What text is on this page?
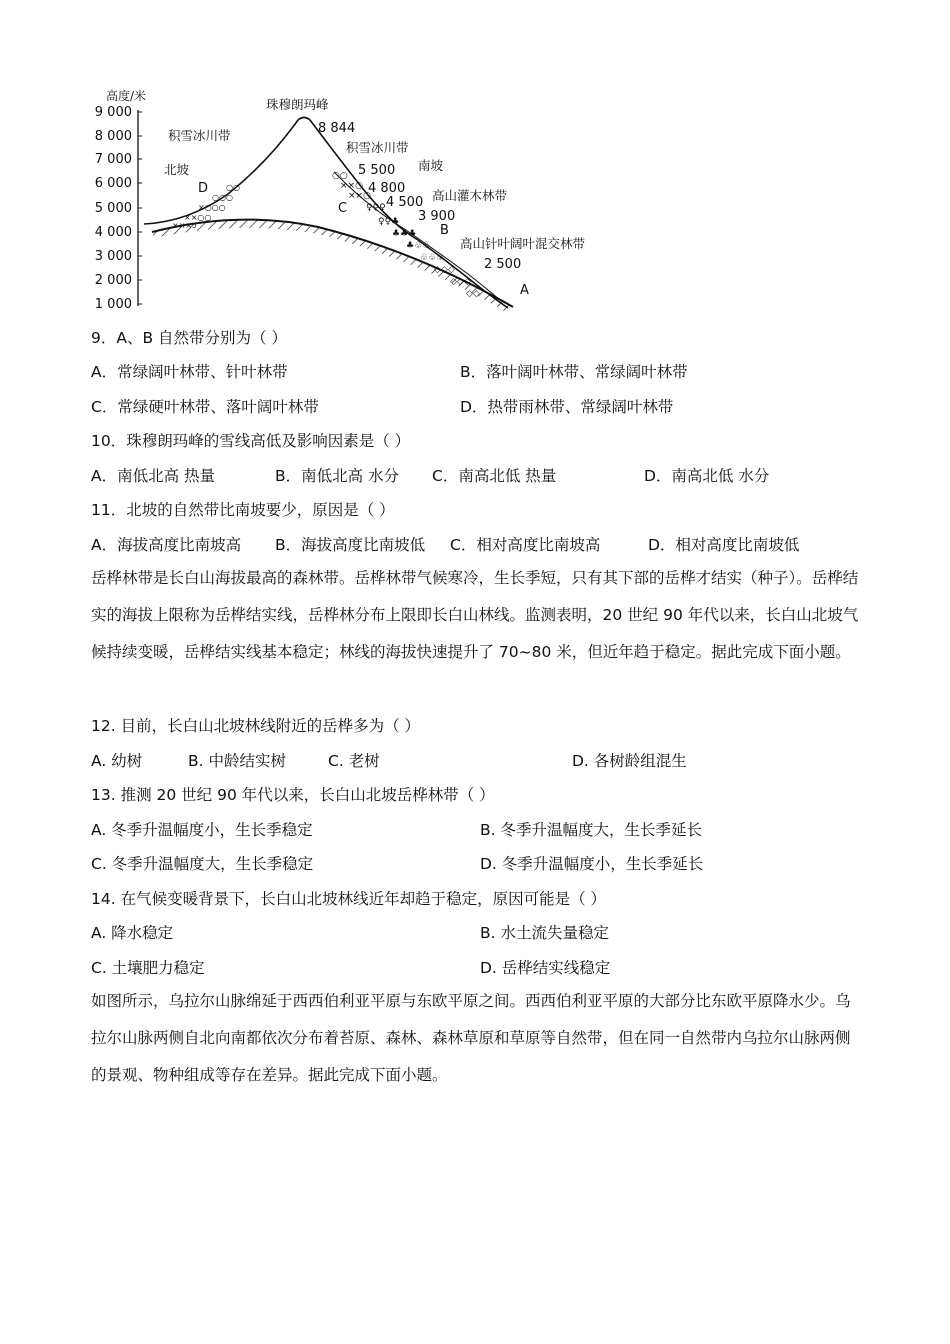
高度/米
9 000
8 000
7 000
6 000
5 000
4 000
3 000
2 000
1 000
×××ↄ
××○○
×○○○
○○○
○○
○○
××○
××○
♀♀♀
♀♀♣
♣♣♣
♣♧♧
♧♧♧
◇◇◇
◇◇◇
◇◇
珠穆朗玛峰
8 844
积雪冰川带
北坡
D
积雪冰川带
南坡
5 500
4 800
C	4 500 高山灌木林带
3 900
B
高山针叶阔叶混交林带
2 500
A
9．A、B 自然带分别为（ ）
A．常绿阔叶林带、针叶林带	B．落叶阔叶林带、常绿阔叶林带
C．常绿硬叶林带、落叶阔叶林带	D．热带雨林带、常绿阔叶林带
10．珠穆朗玛峰的雪线高低及影响因素是（ ）
A．南低北高 热量	B．南低北高 水分 C．南高北低 热量	D．南高北低 水分
11．北坡的自然带比南坡要少，原因是（ ）
A．海拔高度比南坡高 B．海拔高度比南坡低 C．相对高度比南坡高	D．相对高度比南坡低
岳桦林带是长白山海拔最高的森林带。岳桦林带气候寒冷，生长季短，只有其下部的岳桦才结实（种子）。岳桦结实的海拔上限称为岳桦结实线，岳桦林分布上限即长白山林线。监测表明，20 世纪 90 年代以来，长白山北坡气候持续变暖，岳桦结实线基本稳定；林线的海拔快速提升了 70~80 米，但近年趋于稳定。据此完成下面小题。
12. 目前，长白山北坡林线附近的岳桦多为（ ）
A. 幼树	B. 中龄结实树	C. 老树	D. 各树龄组混生
13. 推测 20 世纪 90 年代以来，长白山北坡岳桦林带（ ）
A. 冬季升温幅度小，生长季稳定	B. 冬季升温幅度大，生长季延长
C. 冬季升温幅度大，生长季稳定	D. 冬季升温幅度小，生长季延长
14. 在气候变暖背景下，长白山北坡林线近年却趋于稳定，原因可能是（ ）
A. 降水稳定	B. 水土流失量稳定
C. 土壤肥力稳定	D. 岳桦结实线稳定
如图所示，乌拉尔山脉绵延于西西伯利亚平原与东欧平原之间。西西伯利亚平原的大部分比东欧平原降水少。乌拉尔山脉两侧自北向南都依次分布着苔原、森林、森林草原和草原等自然带，但在同一自然带内乌拉尔山脉两侧的景观、物种组成等存在差异。据此完成下面小题。
